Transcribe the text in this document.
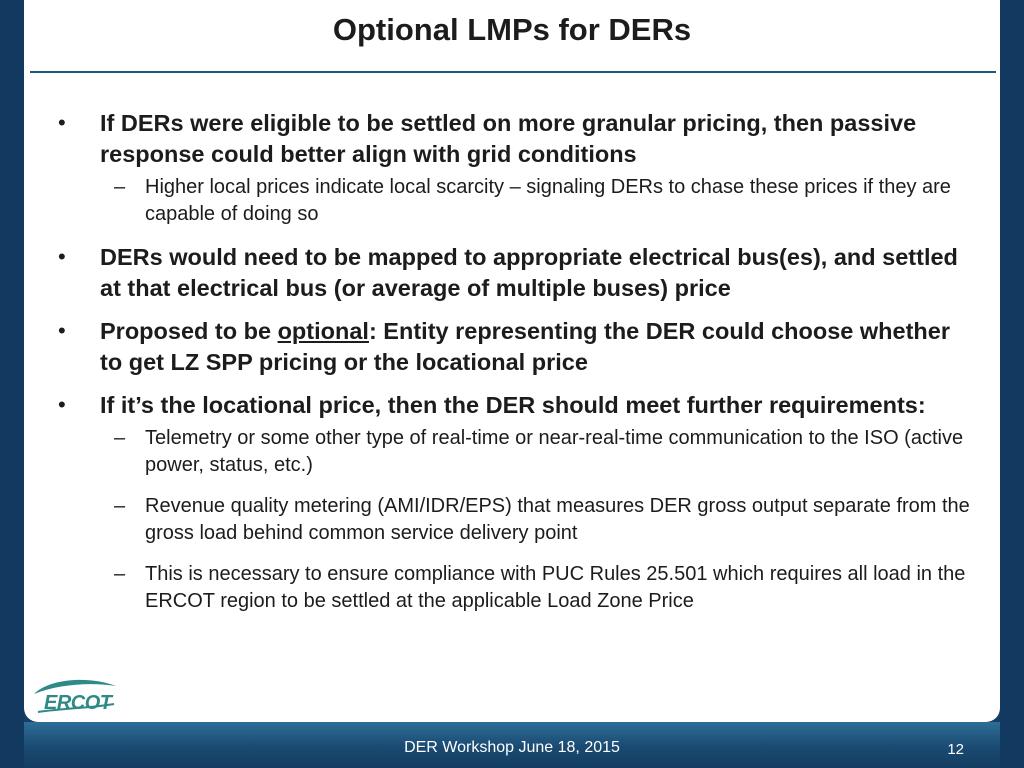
Optional LMPs for DERs
• If DERs were eligible to be settled on more granular pricing, then passive response could better align with grid conditions
– Higher local prices indicate local scarcity – signaling DERs to chase these prices if they are capable of doing so
• DERs would need to be mapped to appropriate electrical bus(es), and settled at that electrical bus (or average of multiple buses) price
• Proposed to be optional: Entity representing the DER could choose whether to get LZ SPP pricing or the locational price
• If it’s the locational price, then the DER should meet further requirements:
– Telemetry or some other type of real-time or near-real-time communication to the ISO (active power, status, etc.)
– Revenue quality metering (AMI/IDR/EPS) that measures DER gross output separate from the gross load behind common service delivery point
– This is necessary to ensure compliance with PUC Rules 25.501 which requires all load in the ERCOT region to be settled at the applicable Load Zone Price
ERCOT
DER Workshop June 18, 2015	12
